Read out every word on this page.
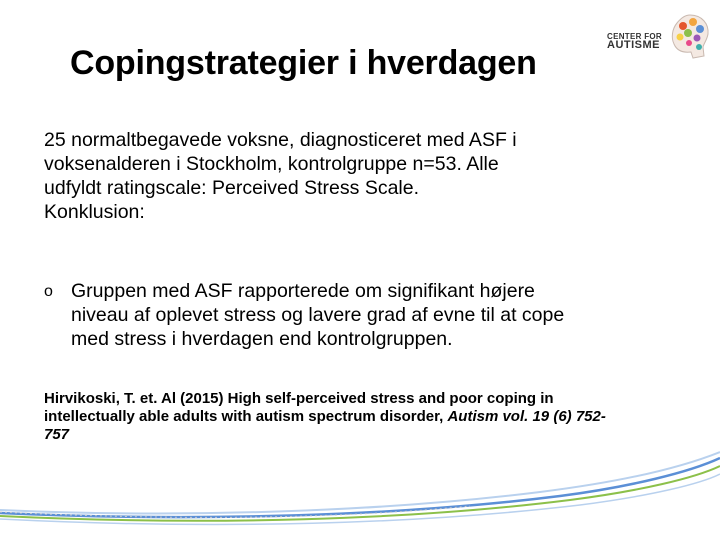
Copingstrategier i hverdagen
CENTER FOR
AUTISME

25 normaltbegavede voksne, diagnosticeret med ASF i

voksenalderen i Stockholm, kontrolgruppe n=53. Alle

udfyldt ratingscale: Perceived Stress Scale.

Konklusion:

o Gruppen med ASF rapporterede om signifikant højere
niveau af oplevet stress og lavere grad af evne til at cope
med stress i hverdagen end kontrolgruppen.
Hirvikoski, T. et. Al (2015) High self-perceived stress and poor coping in
intellectually able adults with autism spectrum disorder, Autism vol. 19 (6) 752-
757
